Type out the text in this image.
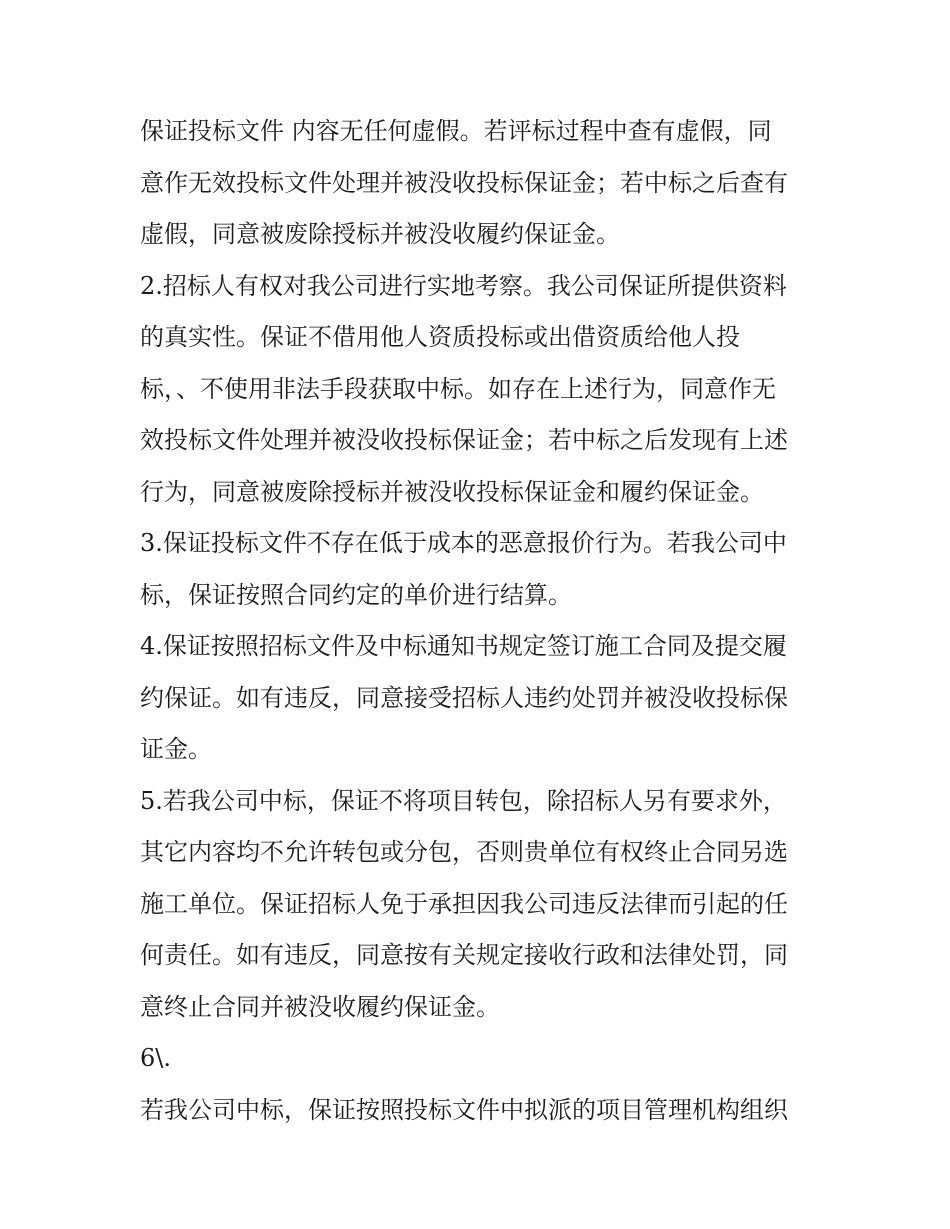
保证投标文件 内容无任何虚假。若评标过程中查有虚假，同
意作无效投标文件处理并被没收投标保证金；若中标之后查有
虚假，同意被废除授标并被没收履约保证金。
2.招标人有权对我公司进行实地考察。我公司保证所提供资料
的真实性。保证不借用他人资质投标或出借资质给他人投
标，、不使用非法手段获取中标。如存在上述行为，同意作无
效投标文件处理并被没收投标保证金；若中标之后发现有上述
行为，同意被废除授标并被没收投标保证金和履约保证金。
3.保证投标文件不存在低于成本的恶意报价行为。若我公司中
标，保证按照合同约定的单价进行结算。
4.保证按照招标文件及中标通知书规定签订施工合同及提交履
约保证。如有违反，同意接受招标人违约处罚并被没收投标保
证金。
5.若我公司中标，保证不将项目转包，除招标人另有要求外，
其它内容均不允许转包或分包，否则贵单位有权终止合同另选
施工单位。保证招标人免于承担因我公司违反法律而引起的任
何责任。如有违反，同意按有关规定接收行政和法律处罚，同
意终止合同并被没收履约保证金。
6\.
若我公司中标，保证按照投标文件中拟派的项目管理机构组织
